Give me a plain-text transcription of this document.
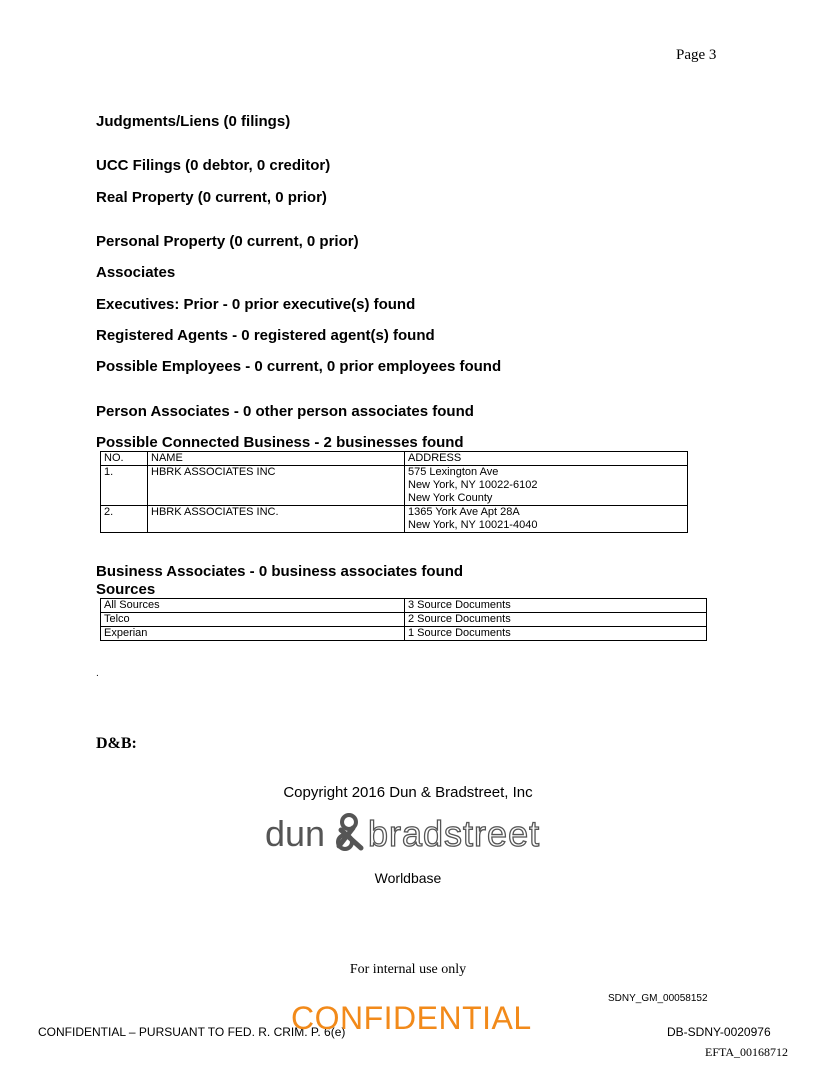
Page 3
Judgments/Liens (0 filings)
UCC Filings (0 debtor, 0 creditor)
Real Property (0 current, 0 prior)
Personal Property (0 current, 0 prior)
Associates
Executives: Prior - 0 prior executive(s) found
Registered Agents - 0 registered agent(s) found
Possible Employees - 0 current, 0 prior employees found
Person Associates - 0 other person associates found
Possible Connected Business - 2 businesses found
NO.	NAME	ADDRESS
1.	HBRK ASSOCIATES INC	575 Lexington Ave
New York, NY 10022-6102
New York County

2.	HBRK ASSOCIATES INC.	1365 York Ave Apt 28A
New York, NY 10021-4040
Business Associates - 0 business associates found
Sources
All Sources	3 Source Documents
Telco	2 Source Documents
Experian	1 Source Documents
.
D&B:
Copyright 2016 Dun & Bradstreet, Inc
dun bradstreet
Worldbase
For internal use only
SDNY_GM_00058152
CONFIDENTIAL – PURSUANT TO FED. R. CRIM. P. 6(e)
CONFIDENTIAL	DB-SDNY-0020976
EFTA_00168712
